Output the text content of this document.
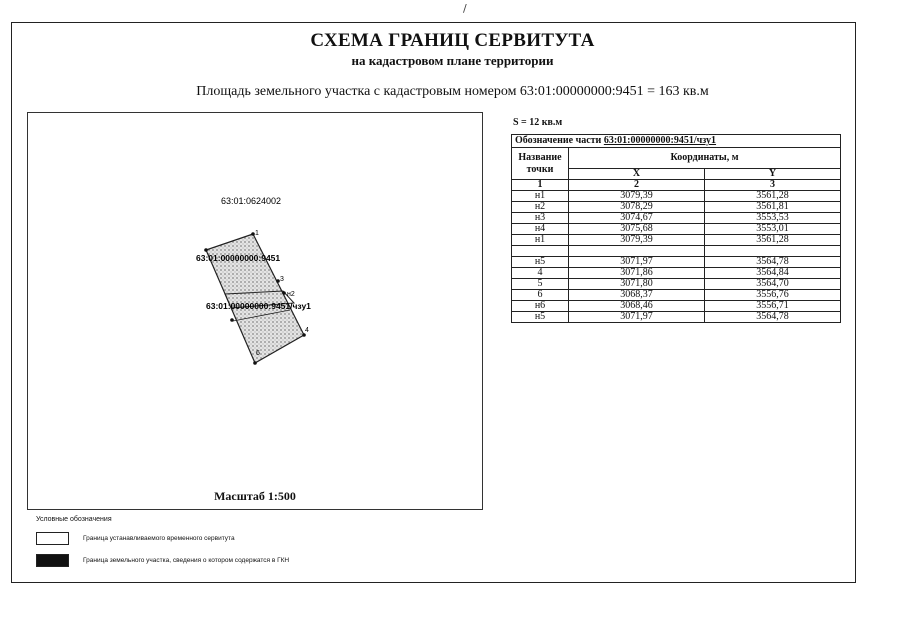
/
СХЕМА ГРАНИЦ СЕРВИТУТА
на кадастровом плане территории
Площадь земельного участка с кадастровым номером 63:01:00000000:9451 = 163 кв.м
63:01:0624002
63:01:00000000:9451
63:01:00000000:9451/чзу1
1
3
н2
4
6
Масштаб 1:500
S = 12 кв.м
Обозначение части 63:01:00000000:9451/чзу1		
Название точки	Координаты, м	
	X	Y
1	2	3
н1	3079,39	3561,28
н2	3078,29	3561,81
н3	3074,67	3553,53
н4	3075,68	3553,01
н1	3079,39	3561,28

н5	3071,97	3564,78
4	3071,86	3564,84
5	3071,80	3564,70
6	3068,37	3556,76
н6	3068,46	3556,71
н5	3071,97	3564,78
Условные обозначения
Граница устанавливаемого временного сервитута
Граница земельного участка, сведения о котором содержатся в ГКН
